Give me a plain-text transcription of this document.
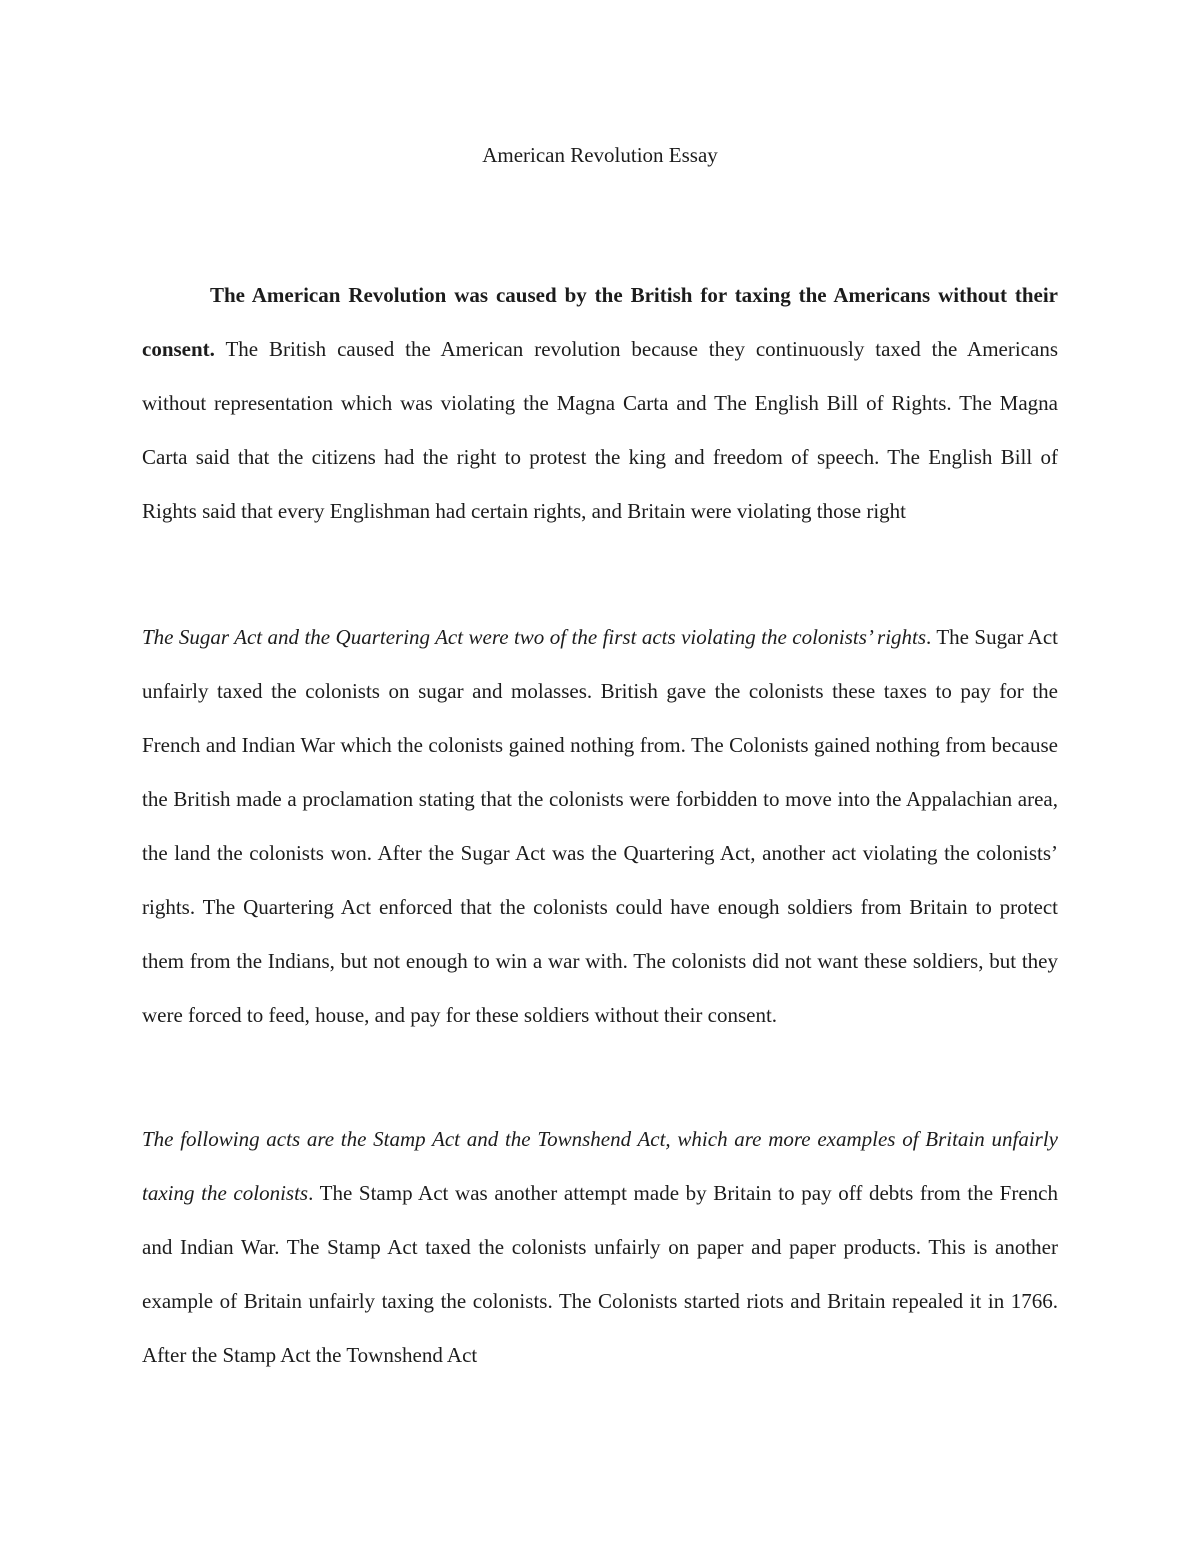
American Revolution Essay

The American Revolution was caused by the British for taxing the Americans without their consent. The British caused the American revolution because they continuously taxed the Americans without representation which was violating the Magna Carta and The English Bill of Rights. The Magna Carta said that the citizens had the right to protest the king and freedom of speech. The English Bill of Rights said that every Englishman had certain rights, and Britain were violating those right

The Sugar Act and the Quartering Act were two of the first acts violating the colonists’ rights. The Sugar Act unfairly taxed the colonists on sugar and molasses. British gave the colonists these taxes to pay for the French and Indian War which the colonists gained nothing from. The Colonists gained nothing from because the British made a proclamation stating that the colonists were forbidden to move into the Appalachian area, the land the colonists won. After the Sugar Act was the Quartering Act, another act violating the colonists’ rights. The Quartering Act enforced that the colonists could have enough soldiers from Britain to protect them from the Indians, but not enough to win a war with. The colonists did not want these soldiers, but they were forced to feed, house, and pay for these soldiers without their consent.

The following acts are the Stamp Act and the Townshend Act, which are more examples of Britain unfairly taxing the colonists. The Stamp Act was another attempt made by Britain to pay off debts from the French and Indian War. The Stamp Act taxed the colonists unfairly on paper and paper products. This is another example of Britain unfairly taxing the colonists. The Colonists started riots and Britain repealed it in 1766. After the Stamp Act the Townshend Act
